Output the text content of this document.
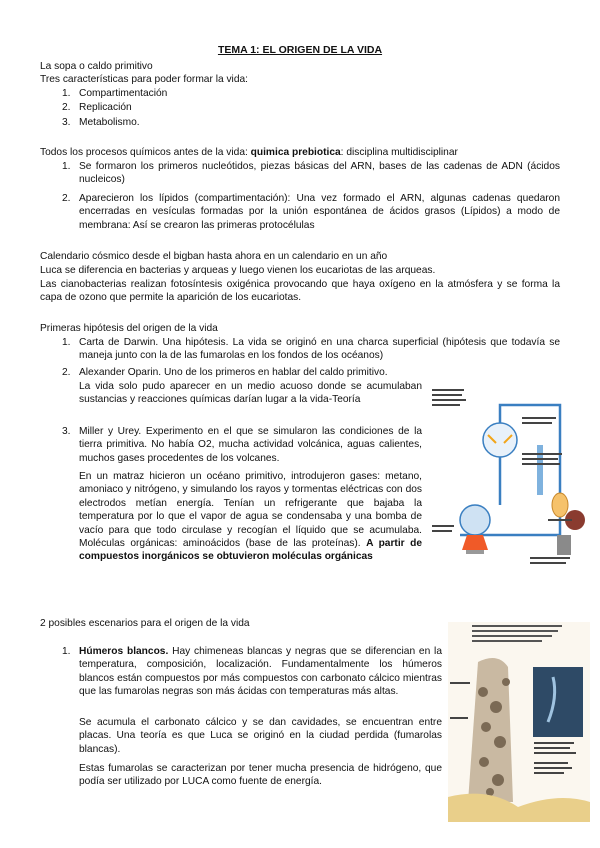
TEMA 1: EL ORIGEN DE LA VIDA
La sopa o caldo primitivo
Tres características para poder formar la vida:
1. Compartimentación
2. Replicación
3. Metabolismo.
Todos los procesos químicos antes de la vida: quimica prebiotica: disciplina multidisciplinar
1. Se formaron los primeros nucleótidos, piezas básicas del ARN, bases de las cadenas de ADN (ácidos nucleicos)
2. Aparecieron los lípidos (compartimentación): Una vez formado el ARN, algunas cadenas quedaron encerradas en vesículas formadas por la unión espontánea de ácidos grasos (Lípidos) a modo de membrana: Así se crearon las primeras protocélulas
Calendario cósmico desde el bigban hasta ahora en un calendario en un año
Luca se diferencia en bacterias y arqueas y luego vienen los eucariotas de las arqueas.
Las cianobacterias realizan fotosíntesis oxigénica provocando que haya oxígeno en la atmósfera y se forma la capa de ozono que permite la aparición de los eucariotas.
Primeras hipótesis del origen de la vida
1. Carta de Darwin. Una hipótesis. La vida se originó en una charca superficial (hipótesis que todavía se maneja junto con la de las fumarolas en los fondos de los océanos)
2. Alexander Oparin. Uno de los primeros en hablar del caldo primitivo.
La vida solo pudo aparecer en un medio acuoso donde se acumulaban sustancias y reacciones químicas darían lugar a la vida-Teoría
3. Miller y Urey. Experimento en el que se simularon las condiciones de la tierra primitiva. No había O2, mucha actividad volcánica, aguas calientes, muchos gases procedentes de los volcanes.
En un matraz hicieron un océano primitivo, introdujeron gases: metano, amoniaco y nitrógeno, y simulando los rayos y tormentas eléctricas con dos electrodos metían energía. Tenían un refrigerante que bajaba la temperatura por lo que el vapor de agua se condensaba y una bomba de vacío para que todo circulase y recogían el líquido que se acumulaba. Moléculas orgánicas: aminoácidos (base de las proteínas). A partir de compuestos inorgánicos se obtuvieron moléculas orgánicas
2 posibles escenarios para el origen de la vida
1. Húmeros blancos. Hay chimeneas blancas y negras que se diferencian en la temperatura, composición, localización. Fundamentalmente los húmeros blancos están compuestos por más compuestos con carbonato cálcico mientras que las fumarolas negras son más ácidas con temperaturas más altas.
Se acumula el carbonato cálcico y se dan cavidades, se encuentran entre placas. Una teoría es que Luca se originó en la ciudad perdida (fumarolas blancas).
Estas fumarolas se caracterizan por tener mucha presencia de hidrógeno, que podía ser utilizado por LUCA como fuente de energía.
